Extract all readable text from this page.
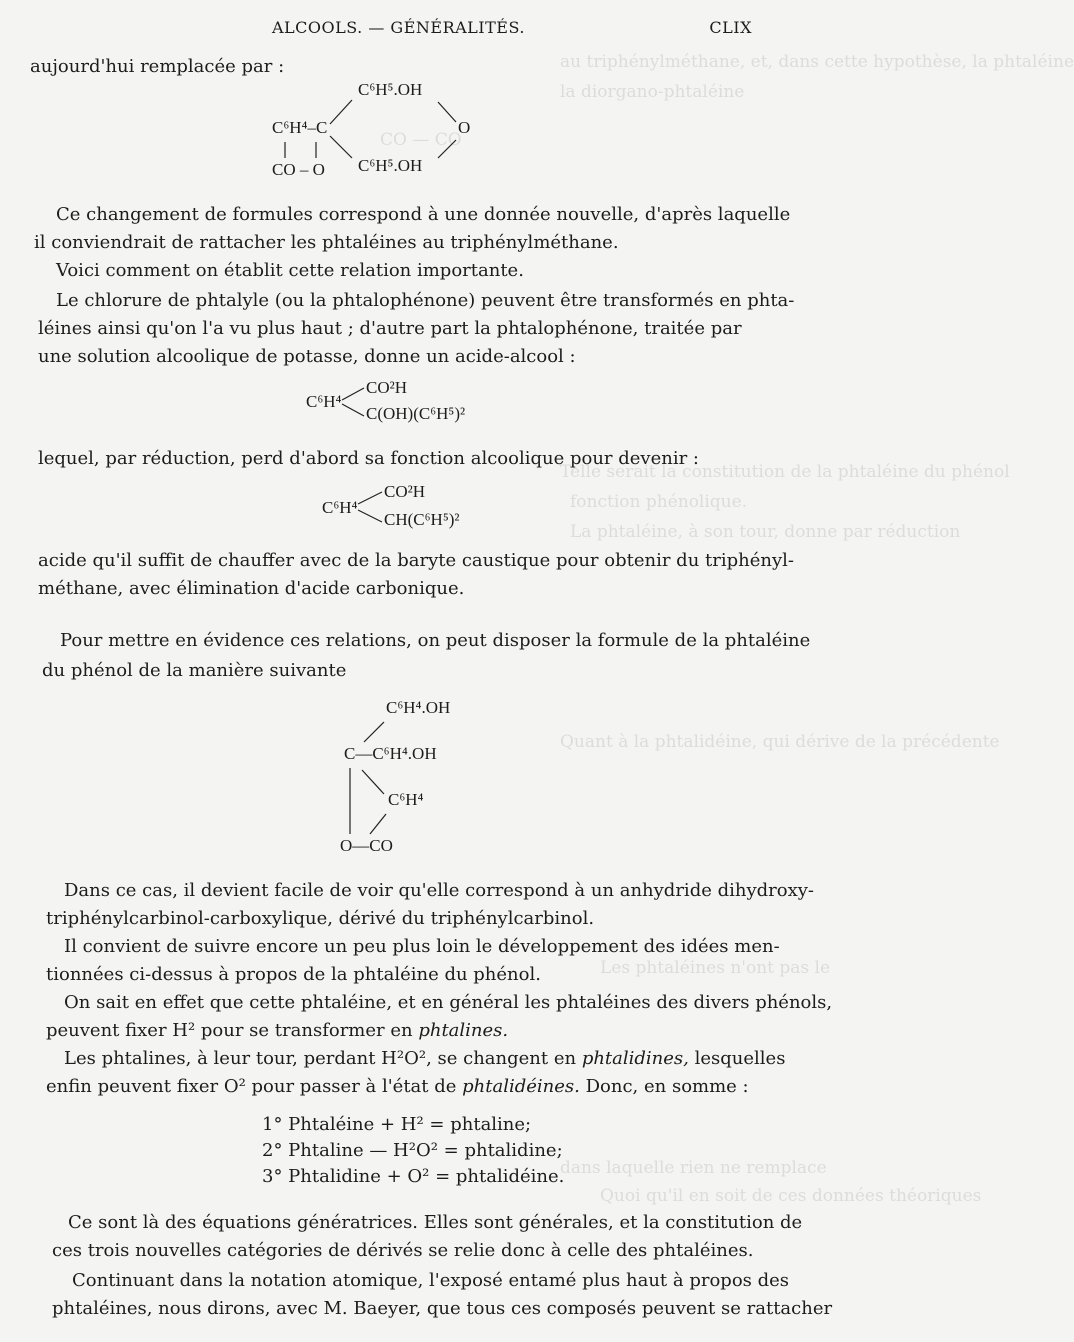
au triphénylméthane, et, dans cette hypothèse, la phtaléine
la diorgano-phtaléine
CO — CO
Telle serait la constitution de la phtaléine du phénol
fonction phénolique.
La phtaléine, à son tour, donne par réduction
Quant à la phtalidéine, qui dérive de la précédente
Les phtaléines n'ont pas le
dans laquelle rien ne remplace
Quoi qu'il en soit de ces données théoriques
ALCOOLS. — GÉNÉRALITÉS.	CLIX
aujourd'hui remplacée par :
C⁶H⁵.OH
C⁶H⁴–C	O
C⁶H⁵.OH
CO – O
Ce changement de formules correspond à une donnée nouvelle, d'après laquelle
il conviendrait de rattacher les phtaléines au triphénylméthane.
Voici comment on établit cette relation importante.
Le chlorure de phtalyle (ou la phtalophénone) peuvent être transformés en phta-
léines ainsi qu'on l'a vu plus haut ; d'autre part la phtalophénone, traitée par
une solution alcoolique de potasse, donne un acide-alcool :
C⁶H⁴
CO²H
C(OH)(C⁶H⁵)²
lequel, par réduction, perd d'abord sa fonction alcoolique pour devenir :
C⁶H⁴
CO²H
CH(C⁶H⁵)²
acide qu'il suffit de chauffer avec de la baryte caustique pour obtenir du triphényl-
méthane, avec élimination d'acide carbonique.
Pour mettre en évidence ces relations, on peut disposer la formule de la phtaléine
du phénol de la manière suivante
C⁶H⁴.OH
C—C⁶H⁴.OH
C⁶H⁴
O—CO
Dans ce cas, il devient facile de voir qu'elle correspond à un anhydride dihydroxy-
triphénylcarbinol-carboxylique, dérivé du triphénylcarbinol.
Il convient de suivre encore un peu plus loin le développement des idées men-
tionnées ci-dessus à propos de la phtaléine du phénol.
On sait en effet que cette phtaléine, et en général les phtaléines des divers phénols,
peuvent fixer H² pour se transformer en phtalines.
Les phtalines, à leur tour, perdant H²O², se changent en phtalidines, lesquelles
enfin peuvent fixer O² pour passer à l'état de phtalidéines. Donc, en somme :
1° Phtaléine + H² = phtaline;
2° Phtaline — H²O² = phtalidine;
3° Phtalidine + O² = phtalidéine.
Ce sont là des équations génératrices. Elles sont générales, et la constitution de
ces trois nouvelles catégories de dérivés se relie donc à celle des phtaléines.
Continuant dans la notation atomique, l'exposé entamé plus haut à propos des
phtaléines, nous dirons, avec M. Baeyer, que tous ces composés peuvent se rattacher
